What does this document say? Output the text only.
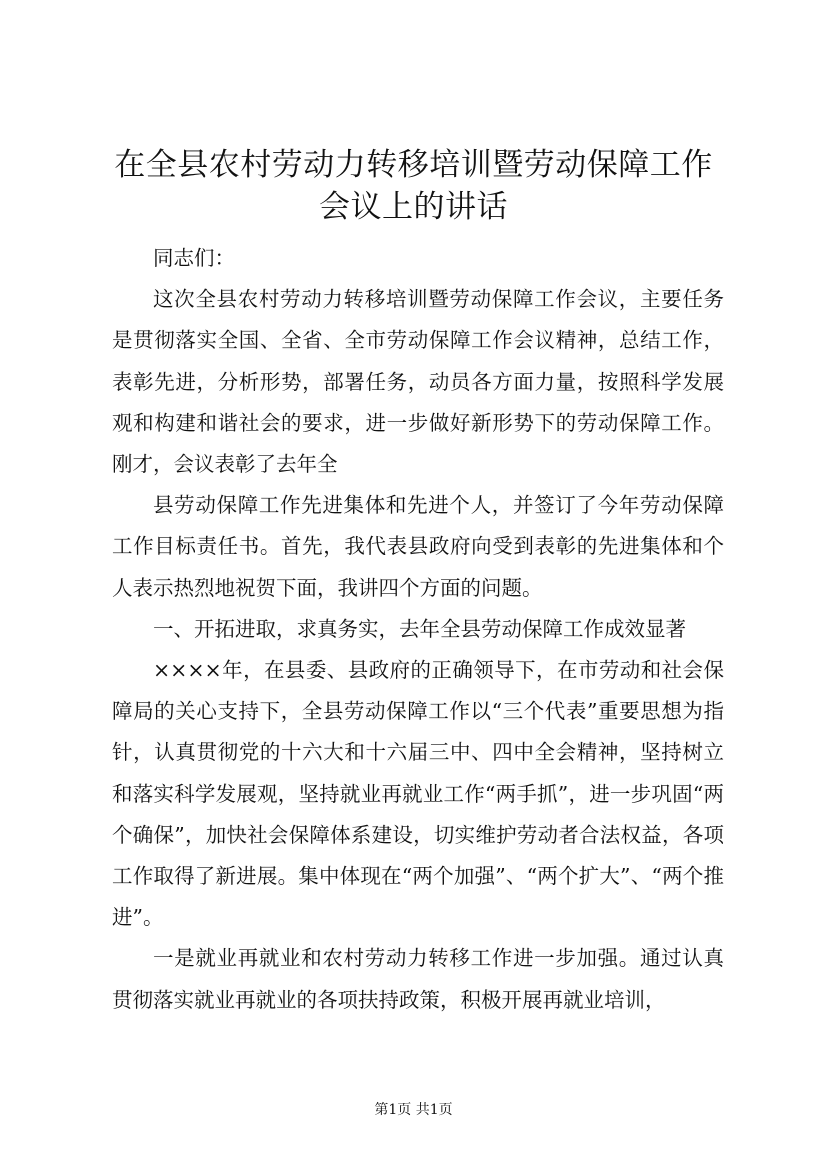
在全县农村劳动力转移培训暨劳动保障工作会议上的讲话

同志们：

这次全县农村劳动力转移培训暨劳动保障工作会议，主要任务是贯彻落实全国、全省、全市劳动保障工作会议精神，总结工作，表彰先进，分析形势，部署任务，动员各方面力量，按照科学发展观和构建和谐社会的要求，进一步做好新形势下的劳动保障工作。刚才，会议表彰了去年全

县劳动保障工作先进集体和先进个人，并签订了今年劳动保障工作目标责任书。首先，我代表县政府向受到表彰的先进集体和个人表示热烈地祝贺下面，我讲四个方面的问题。

一、开拓进取，求真务实，去年全县劳动保障工作成效显著

××××年，在县委、县政府的正确领导下，在市劳动和社会保障局的关心支持下，全县劳动保障工作以“三个代表”重要思想为指针，认真贯彻党的十六大和十六届三中、四中全会精神，坚持树立和落实科学发展观，坚持就业再就业工作“两手抓”，进一步巩固“两个确保”，加快社会保障体系建设，切实维护劳动者合法权益，各项工作取得了新进展。集中体现在“两个加强”、“两个扩大”、“两个推进”。

一是就业再就业和农村劳动力转移工作进一步加强。通过认真贯彻落实就业再就业的各项扶持政策，积极开展再就业培训，

第1页 共1页
